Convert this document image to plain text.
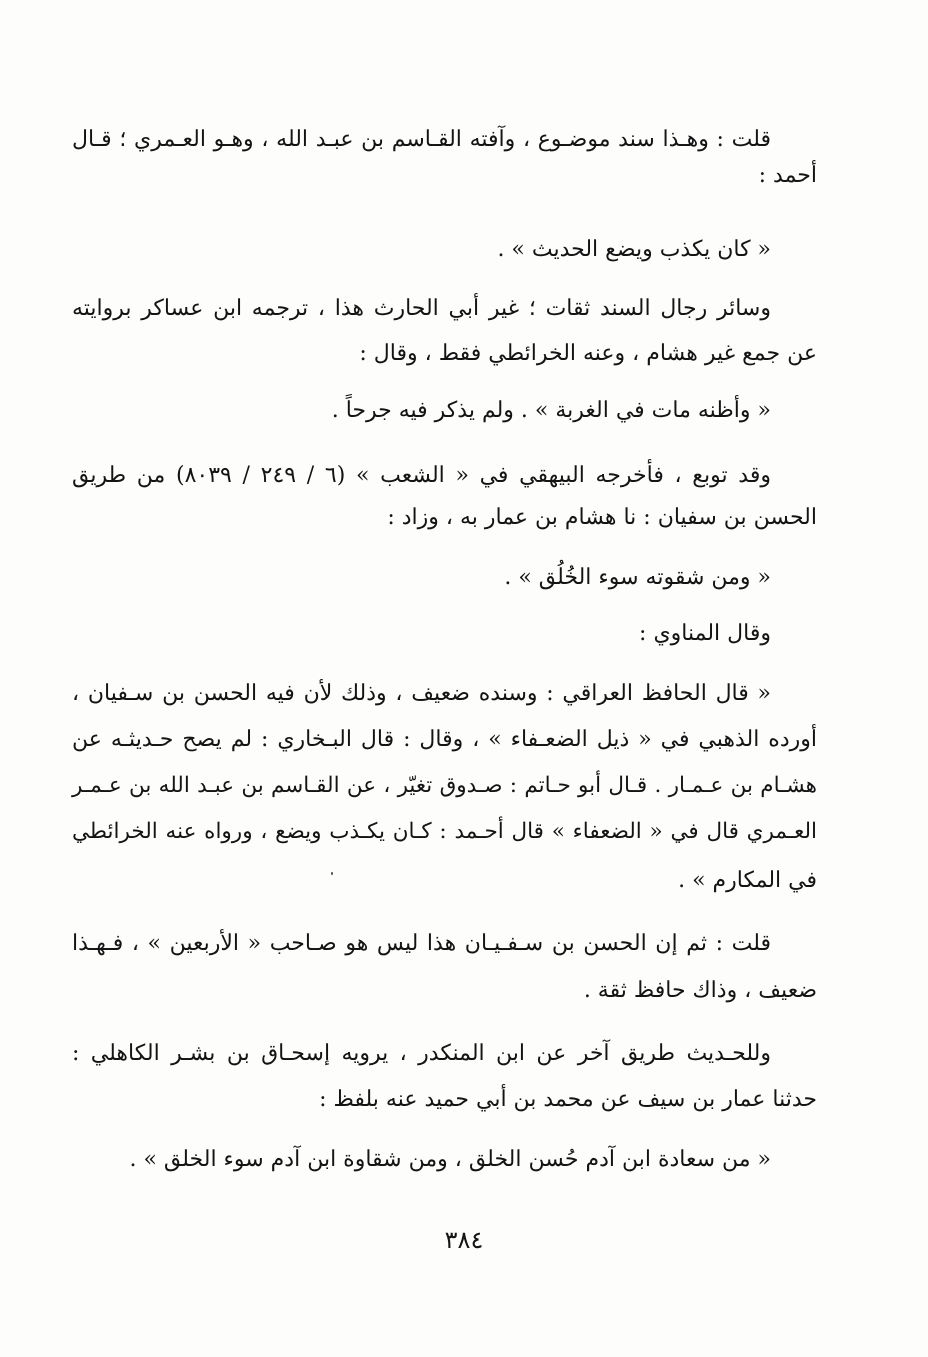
قلت : وهـذا سند موضـوع ، وآفته القـاسم بن عبـد الله ، وهـو العـمري ؛ قـال
أحمد :
« كان يكذب ويضع الحديث » .
وسائر رجال السند ثقات ؛ غير أبي الحارث هذا ، ترجمه ابن عساكر بروايته
عن جمع غير هشام ، وعنه الخرائطي فقط ، وقال :
« وأظنه مات في الغربة » . ولم يذكر فيه جرحاً .
وقد توبع ، فأخرجه البيهقي في « الشعب » (٦ / ٢٤٩ / ٨٠٣٩) من طريق
الحسن بن سفيان : نا هشام بن عمار به ، وزاد :
« ومن شقوته سوء الخُلُق » .
وقال المناوي :
« قال الحافظ العراقي : وسنده ضعيف ، وذلك لأن فيه الحسن بن سـفيان ،
أورده الذهبي في « ذيل الضعـفاء » ، وقال : قال البـخاري : لم يصح حـديثـه عن
هشـام بن عـمـار . قـال أبو حـاتم : صـدوق تغيّر ، عن القـاسم بن عبـد الله بن عـمـر
العـمري قال في « الضعفاء » قال أحـمد : كـان يكـذب ويضع ، ورواه عنه الخرائطي
في المكارم » .
قلت : ثم إن الحسن بن سـفـيـان هذا ليس هو صـاحب « الأربعين » ، فـهـذا
ضعيف ، وذاك حافظ ثقة .
وللحـديث طريق آخر عن ابن المنكدر ، يرويه إسحـاق بن بشـر الكاهلي :
حدثنا عمار بن سيف عن محمد بن أبي حميد عنه بلفظ :
« من سعادة ابن آدم حُسن الخلق ، ومن شقاوة ابن آدم سوء الخلق » .
٣٨٤
